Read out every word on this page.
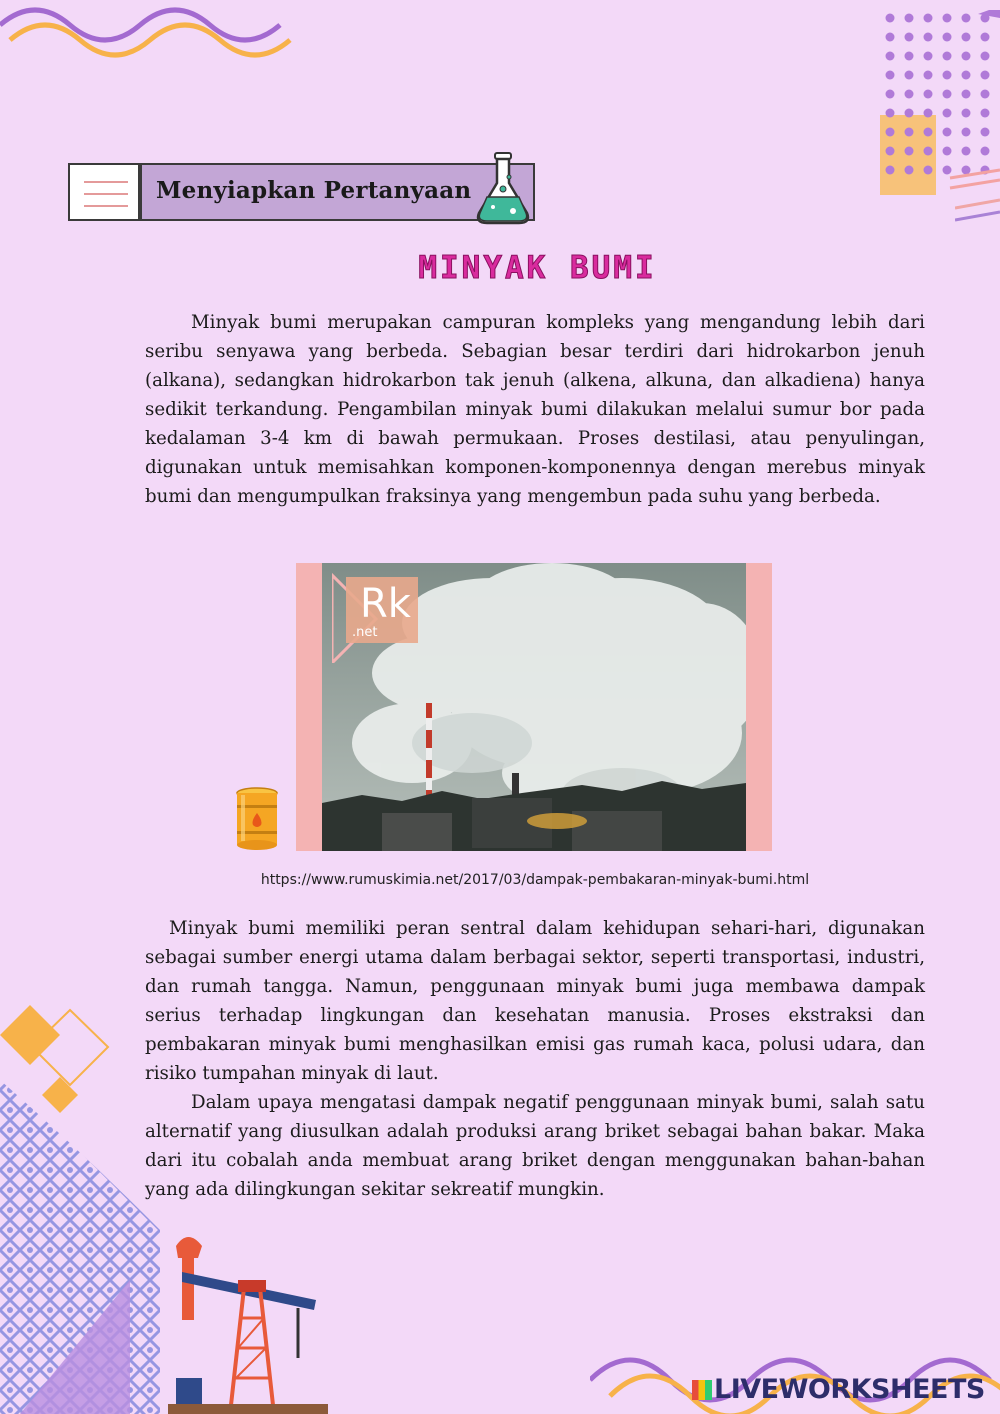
Menyiapkan Pertanyaan
MINYAK BUMI
Minyak bumi merupakan campuran kompleks yang mengandung lebih dari seribu senyawa yang berbeda. Sebagian besar terdiri dari hidrokarbon jenuh (alkana), sedangkan hidrokarbon tak jenuh (alkena, alkuna, dan alkadiena) hanya sedikit terkandung. Pengambilan minyak bumi dilakukan melalui sumur bor pada kedalaman 3-4 km di bawah permukaan. Proses destilasi, atau penyulingan, digunakan untuk memisahkan komponen-komponennya dengan merebus minyak bumi dan mengumpulkan fraksinya yang mengembun pada suhu yang berbeda.
Rk
.net
https://www.rumuskimia.net/2017/03/dampak-pembakaran-minyak-bumi.html
Minyak bumi memiliki peran sentral dalam kehidupan sehari-hari, digunakan sebagai sumber energi utama dalam berbagai sektor, seperti transportasi, industri, dan rumah tangga. Namun, penggunaan minyak bumi juga membawa dampak serius terhadap lingkungan dan kesehatan manusia. Proses ekstraksi dan pembakaran minyak bumi menghasilkan emisi gas rumah kaca, polusi udara, dan risiko tumpahan minyak di laut.
Dalam upaya mengatasi dampak negatif penggunaan minyak bumi, salah satu alternatif yang diusulkan adalah produksi arang briket sebagai bahan bakar. Maka dari itu cobalah anda membuat arang briket dengan menggunakan bahan-bahan yang ada dilingkungan sekitar sekreatif mungkin.
LIVEWORKSHEETS
